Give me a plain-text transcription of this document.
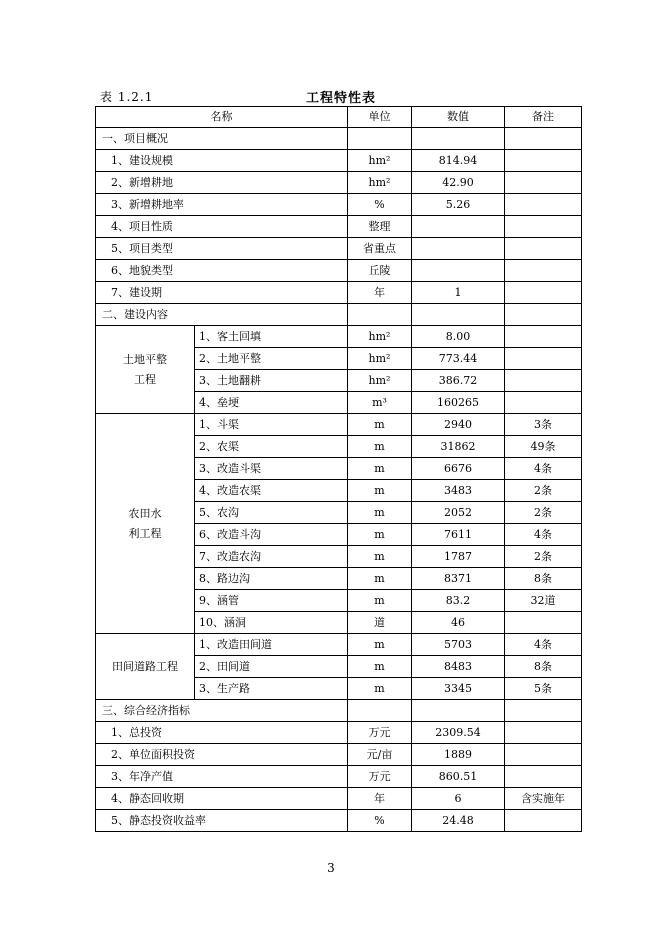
表 1.2.1	工程特性表
名称		单位	数值	备注
一、项目概况				
1、建设规模		hm²	814.94	
2、新增耕地		hm²	42.90	
3、新增耕地率		%	5.26	
4、项目性质		整理		
5、项目类型		省重点		
6、地貌类型		丘陵		
7、建设期		年	1	
二、建设内容				

土地平整
工程	1、客土回填	hm²	8.00	
	2、土地平整	hm²	773.44	
	3、土地翻耕	hm²	386.72	
	4、垒埂	m³	160265	

农田水
利工程	1、斗渠	m	2940	3条
	2、农渠	m	31862	49条
	3、改造斗渠	m	6676	4条
	4、改造农渠	m	3483	2条
	5、农沟	m	2052	2条
	6、改造斗沟	m	7611	4条
	7、改造农沟	m	1787	2条
	8、路边沟	m	8371	8条
	9、涵管	m	83.2	32道
	10、涵洞	道	46	
田间道路工程	1、改造田间道	m	5703	4条
	2、田间道	m	8483	8条
	3、生产路	m	3345	5条
三、综合经济指标				
1、总投资		万元	2309.54	
2、单位面积投资		元/亩	1889	
3、年净产值		万元	860.51	
4、静态回收期		年	6	含实施年
5、静态投资收益率		%	24.48	
3
